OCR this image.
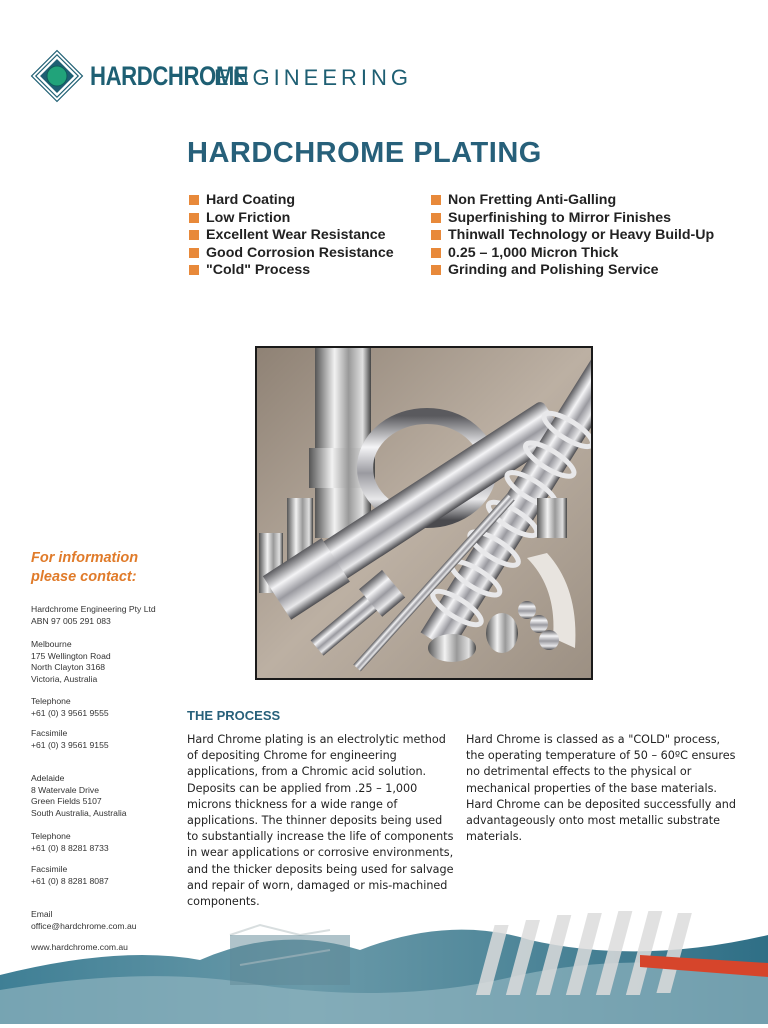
HARDCHROME
ENGINEERING
HARDCHROME PLATING
Hard Coating
Low Friction
Excellent Wear Resistance
Good Corrosion Resistance
"Cold" Process
Non Fretting Anti-Galling
Superfinishing to Mirror Finishes
Thinwall Technology or Heavy Build-Up
0.25 – 1,000 Micron Thick
Grinding and Polishing Service
For information
please contact:
Hardchrome Engineering Pty Ltd
ABN 97 005 291 083
Melbourne
175 Wellington Road
North Clayton 3168
Victoria, Australia
Telephone
+61 (0) 3 9561 9555
Facsimile
+61 (0) 3 9561 9155
Adelaide
8 Watervale Drive
Green Fields 5107
South Australia, Australia
Telephone
+61 (0) 8 8281 8733
Facsimile
+61 (0) 8 8281 8087
Email
office@hardchrome.com.au
www.hardchrome.com.au
THE PROCESS

Hard Chrome plating is an electrolytic method of depositing Chrome for engineering applications, from a Chromic acid solution. Deposits can be applied from .25 – 1,000 microns thickness for a wide range of applications. The thinner deposits being used to substantially increase the life of components in wear applications or corrosive environments, and the thicker deposits being used for salvage and repair of worn, damaged or mis-machined components.

Hard Chrome is classed as a "COLD" process, the operating temperature of 50 – 60ºC ensures no detrimental effects to the physical or mechanical properties of the base materials. Hard Chrome can be deposited successfully and advantageously onto most metallic substrate materials.
